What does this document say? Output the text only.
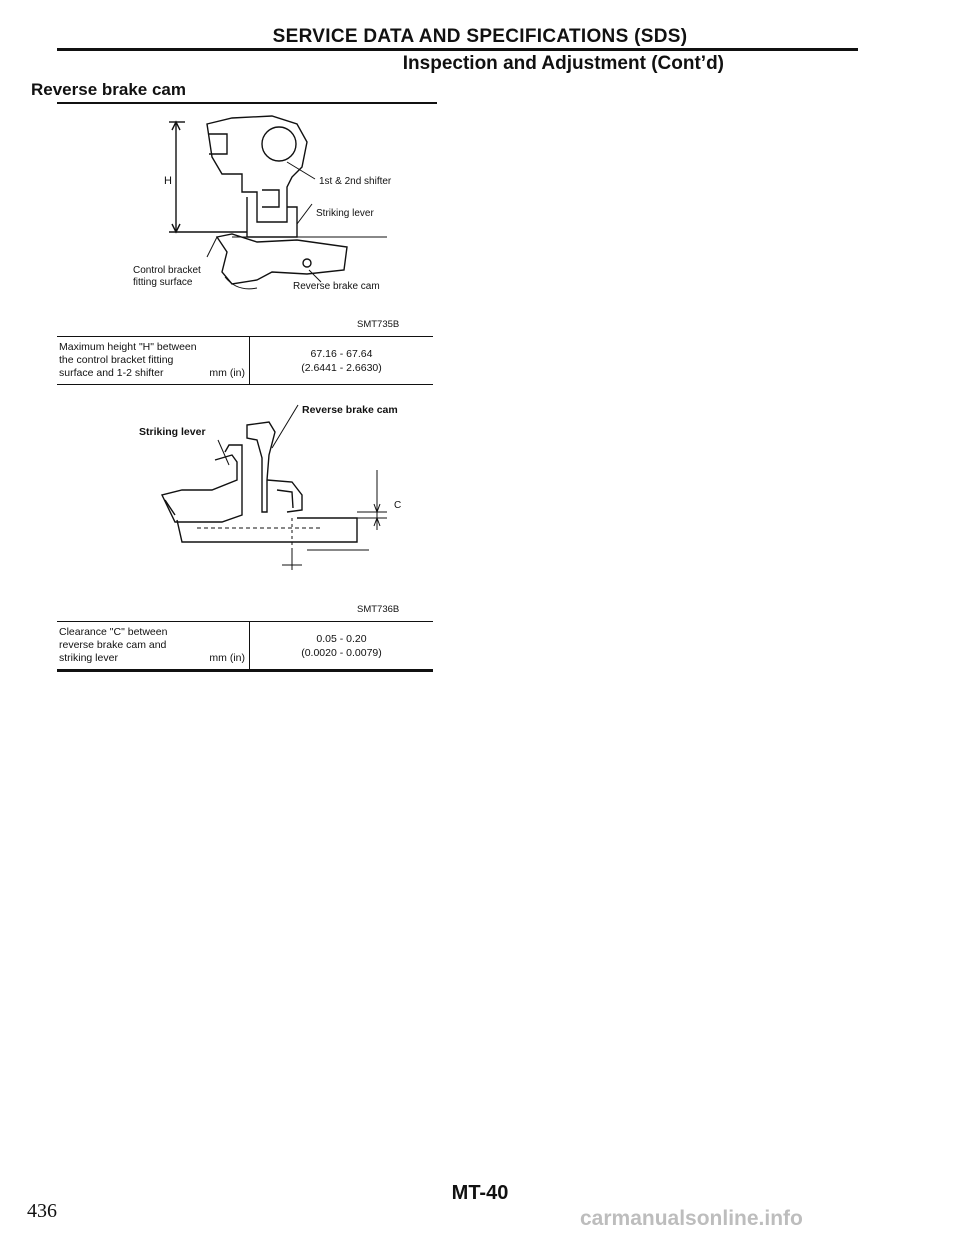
SERVICE DATA AND SPECIFICATIONS (SDS)
Inspection and Adjustment (Cont’d)
Reverse brake cam
H	1st & 2nd shifter
Striking lever
Control bracket
fitting surface	Reverse brake cam
SMT735B
Maximum height "H" between
the control bracket fitting
surface and 1-2 shifter	mm (in)

67.16 - 67.64
(2.6441 - 2.6630)
Reverse brake cam
Striking lever
C
SMT736B
Clearance "C" between
reverse brake cam and
striking lever	mm (in)

0.05 - 0.20
(0.0020 - 0.0079)
MT-40
436	carmanualsonline.info
